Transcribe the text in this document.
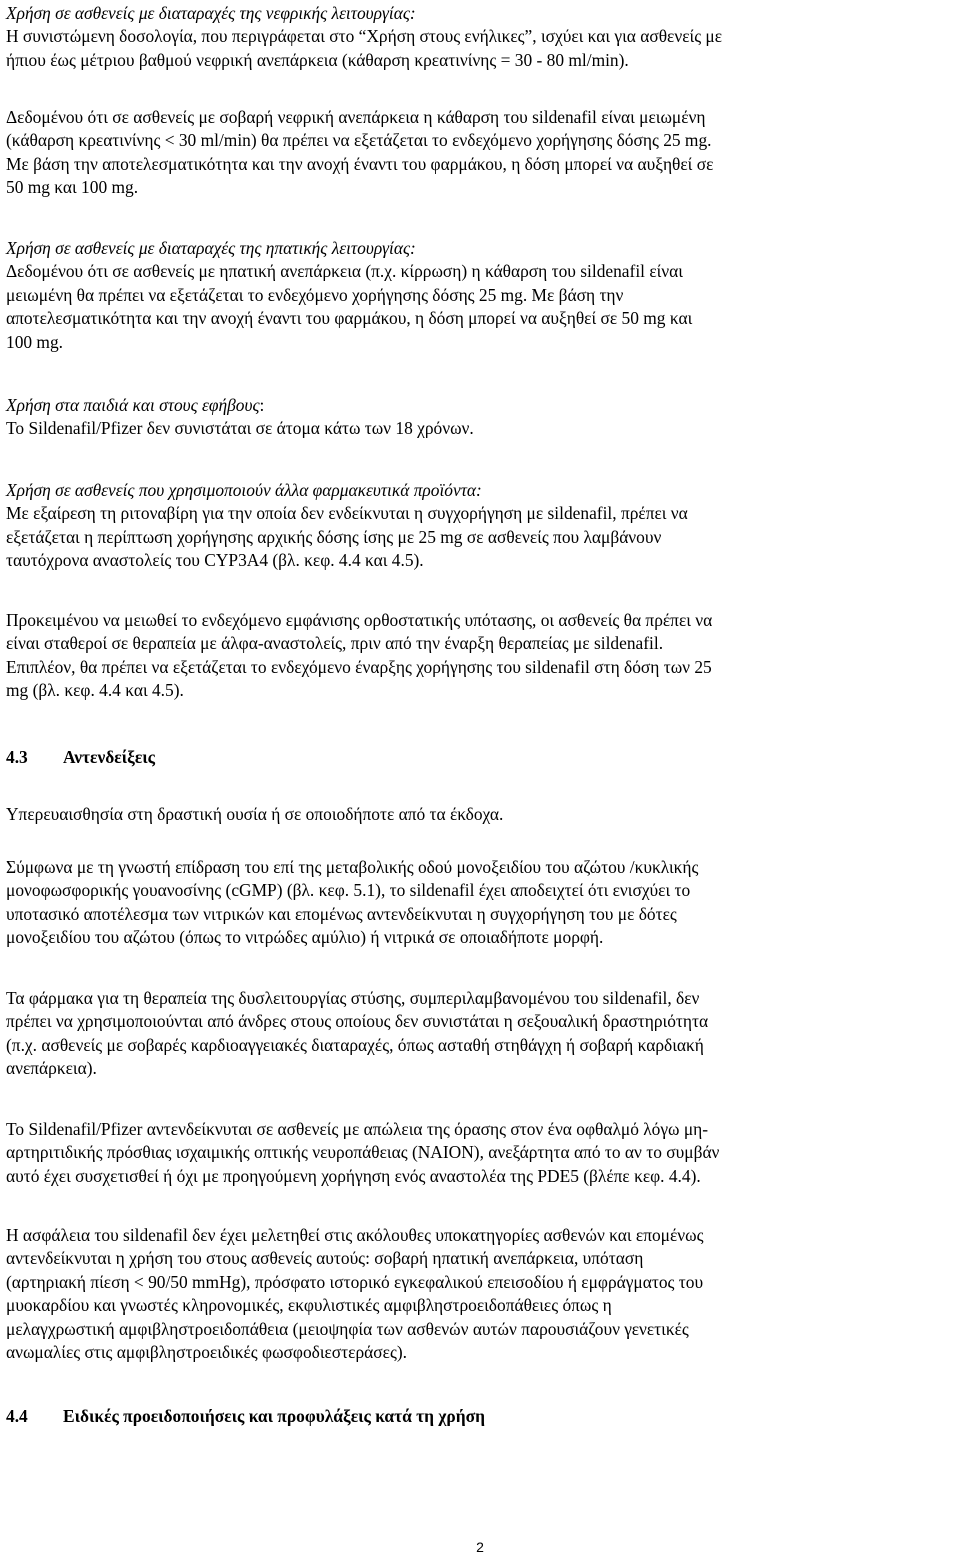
Χρήση σε ασθενείς με διαταραχές της νεφρικής λειτουργίας:
Η συνιστώμενη δοσολογία, που περιγράφεται στο “Χρήση στους ενήλικες”, ισχύει και για ασθενείς με
ήπιου έως μέτριου βαθμού νεφρική ανεπάρκεια (κάθαρση κρεατινίνης = 30 - 80 ml/min).
Δεδομένου ότι σε ασθενείς με σοβαρή νεφρική ανεπάρκεια η κάθαρση του sildenafil είναι μειωμένη
(κάθαρση κρεατινίνης < 30 ml/min) θα πρέπει να εξετάζεται το ενδεχόμενο χορήγησης δόσης 25 mg.
Με βάση την αποτελεσματικότητα και την ανοχή έναντι του φαρμάκου, η δόση μπορεί να αυξηθεί σε
50 mg και 100 mg.
Χρήση σε ασθενείς με διαταραχές της ηπατικής λειτουργίας:
Δεδομένου ότι σε ασθενείς με ηπατική ανεπάρκεια (π.χ. κίρρωση) η κάθαρση του sildenafil είναι
μειωμένη θα πρέπει να εξετάζεται το ενδεχόμενο χορήγησης δόσης 25 mg. Με βάση την
αποτελεσματικότητα και την ανοχή έναντι του φαρμάκου, η δόση μπορεί να αυξηθεί σε 50 mg και
100 mg.
Χρήση στα παιδιά και στους εφήβους:
Το Sildenafil/Pfizer δεν συνιστάται σε άτομα κάτω των 18 χρόνων.
Χρήση σε ασθενείς που χρησιμοποιούν άλλα φαρμακευτικά προϊόντα:
Με εξαίρεση τη ριτοναβίρη για την οποία δεν ενδείκνυται η συγχορήγηση με sildenafil, πρέπει να
εξετάζεται η περίπτωση χορήγησης αρχικής δόσης ίσης με 25 mg σε ασθενείς που λαμβάνουν
ταυτόχρονα αναστολείς του CYP3A4 (βλ. κεφ. 4.4 και 4.5).
Προκειμένου να μειωθεί το ενδεχόμενο εμφάνισης ορθοστατικής υπότασης, οι ασθενείς θα πρέπει να
είναι σταθεροί σε θεραπεία με άλφα-αναστολείς, πριν από την έναρξη θεραπείας με sildenafil.
Επιπλέον, θα πρέπει να εξετάζεται το ενδεχόμενο έναρξης χορήγησης του sildenafil στη δόση των 25
mg (βλ. κεφ. 4.4 και 4.5).
4.3 Αντενδείξεις
Υπερευαισθησία στη δραστική ουσία ή σε οποιοδήποτε από τα έκδοχα.
Σύμφωνα με τη γνωστή επίδραση του επί της μεταβολικής οδού μονοξειδίου του αζώτου /κυκλικής
μονοφωσφορικής γουανοσίνης (cGMP) (βλ. κεφ. 5.1), το sildenafil έχει αποδειχτεί ότι ενισχύει το
υποτασικό αποτέλεσμα των νιτρικών και επομένως αντενδείκνυται η συγχορήγηση του με δότες
μονοξειδίου του αζώτου (όπως το νιτρώδες αμύλιο) ή νιτρικά σε οποιαδήποτε μορφή.
Τα φάρμακα για τη θεραπεία της δυσλειτουργίας στύσης, συμπεριλαμβανομένου του sildenafil, δεν
πρέπει να χρησιμοποιούνται από άνδρες στους οποίους δεν συνιστάται η σεξουαλική δραστηριότητα
(π.χ. ασθενείς με σοβαρές καρδιοαγγειακές διαταραχές, όπως ασταθή στηθάγχη ή σοβαρή καρδιακή
ανεπάρκεια).
Το Sildenafil/Pfizer αντενδείκνυται σε ασθενείς με απώλεια της όρασης στον ένα οφθαλμό λόγω μη-
αρτηριτιδικής πρόσθιας ισχαιμικής οπτικής νευροπάθειας (NAION), ανεξάρτητα από το αν το συμβάν
αυτό έχει συσχετισθεί ή όχι με προηγούμενη χορήγηση ενός αναστολέα της PDE5 (βλέπε κεφ. 4.4).
Η ασφάλεια του sildenafil δεν έχει μελετηθεί στις ακόλουθες υποκατηγορίες ασθενών και επομένως
αντενδείκνυται η χρήση του στους ασθενείς αυτούς: σοβαρή ηπατική ανεπάρκεια, υπόταση
(αρτηριακή πίεση < 90/50 mmHg), πρόσφατο ιστορικό εγκεφαλικού επεισοδίου ή εμφράγματος του
μυοκαρδίου και γνωστές κληρονομικές, εκφυλιστικές αμφιβληστροειδοπάθειες όπως η
μελαγχρωστική αμφιβληστροειδοπάθεια (μειοψηφία των ασθενών αυτών παρουσιάζουν γενετικές
ανωμαλίες στις αμφιβληστροειδικές φωσφοδιεστεράσες).
4.4 Ειδικές προειδοποιήσεις και προφυλάξεις κατά τη χρήση
2
